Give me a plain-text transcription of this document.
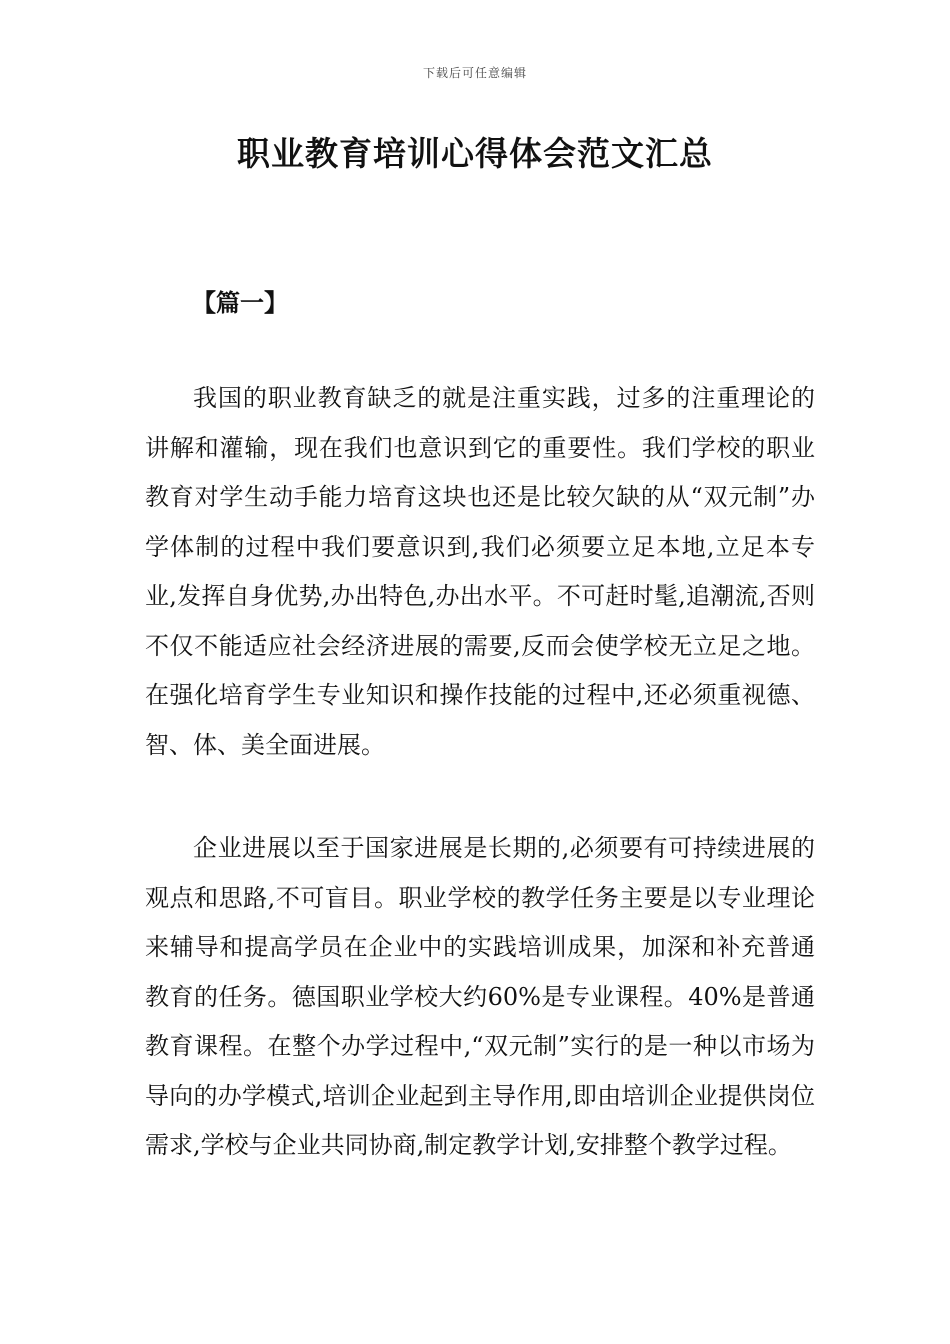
下载后可任意编辑
职业教育培训心得体会范文汇总
【篇一】

我国的职业教育缺乏的就是注重实践，过多的注重理论的讲解和灌输，现在我们也意识到它的重要性。我们学校的职业教育对学生动手能力培育这块也还是比较欠缺的从“双元制”办学体制的过程中我们要意识到,我们必须要立足本地,立足本专业,发挥自身优势,办出特色,办出水平。不可赶时髦,追潮流,否则不仅不能适应社会经济进展的需要,反而会使学校无立足之地。在强化培育学生专业知识和操作技能的过程中,还必须重视德、智、体、美全面进展。

企业进展以至于国家进展是长期的,必须要有可持续进展的观点和思路,不可盲目。职业学校的教学任务主要是以专业理论来辅导和提高学员在企业中的实践培训成果，加深和补充普通教育的任务。德国职业学校大约60%是专业课程。40%是普通教育课程。在整个办学过程中,“双元制”实行的是一种以市场为导向的办学模式,培训企业起到主导作用,即由培训企业提供岗位需求,学校与企业共同协商,制定教学计划,安排整个教学过程。
